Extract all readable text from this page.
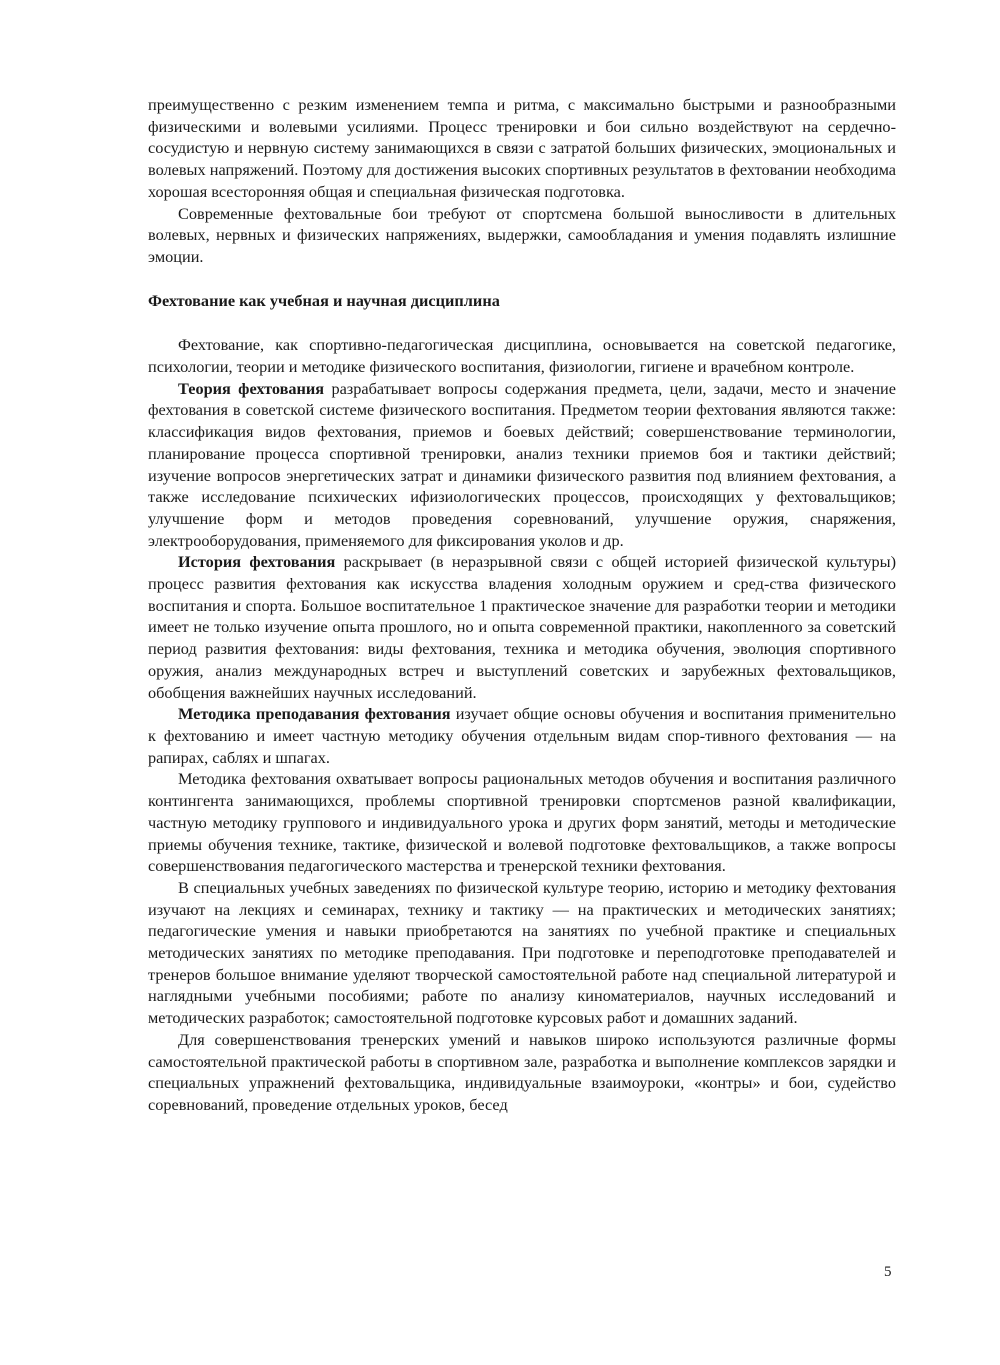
преимущественно с резким изменением темпа и ритма, с максимально быстрыми и разнообразными физическими и волевыми усилиями. Процесс тренировки и бои сильно воздействуют на сердечно-сосудистую и нервную систему занимающихся в связи с затратой больших физических, эмоциональных и волевых напряжений. Поэтому для достижения высоких спортивных результатов в фехтовании необходима хорошая всесторонняя общая и специальная физическая подготовка.

Современные фехтовальные бои требуют от спортсмена большой выносливости в длительных волевых, нервных и физических напряжениях, выдержки, самообладания и умения подавлять излишние эмоции.

Фехтование как учебная и научная дисциплина

Фехтование, как спортивно-педагогическая дисциплина, основывается на советской педагогике, психологии, теории и методике физического воспитания, физиологии, гигиене и врачебном контроле.

Теория фехтования разрабатывает вопросы содержания предмета, цели, задачи, место и значение фехтования в советской системе физического воспитания. Предметом теории фехтования являются также: классификация видов фехтования, приемов и боевых действий; совершенствование терминологии, планирование процесса спортивной тренировки, анализ техники приемов боя и тактики действий; изучение вопросов энергетических затрат и динамики физического развития под влиянием фехтования, а также исследование психических ифизиологических процессов, происходящих у фехтовальщиков; улучшение форм и методов проведения соревнований, улучшение оружия, снаряжения, электрооборудования, применяемого для фиксирования уколов и др.

История фехтования раскрывает (в неразрывной связи с общей историей физической культуры) процесс развития фехтования как искусства владения холодным оружием и сред-ства физического воспитания и спорта. Большое воспитательное 1 практическое значение для разработки теории и методики имеет не только изучение опыта прошлого, но и опыта современной практики, накопленного за советский период развития фехтования: виды фехтования, техника и методика обучения, эволюция спортивного оружия, анализ международных встреч и выступлений советских и зарубежных фехтовальщиков, обобщения важнейших научных исследований.

Методика преподавания фехтования изучает общие основы обучения и воспитания применительно к фехтованию и имеет частную методику обучения отдельным видам спор-тивного фехтования — на рапирах, саблях и шпагах.

Методика фехтования охватывает вопросы рациональных методов обучения и воспитания различного контингента занимающихся, проблемы спортивной тренировки спортсменов разной квалификации, частную методику группового и индивидуального урока и других форм занятий, методы и методические приемы обучения технике, тактике, физической и волевой подготовке фехтовальщиков, а также вопросы совершенствования педагогического мастерства и тренерской техники фехтования.

В специальных учебных заведениях по физической культуре теорию, историю и методику фехтования изучают на лекциях и семинарах, технику и тактику — на практических и методических занятиях; педагогические умения и навыки приобретаются на занятиях по учебной практике и специальных методических занятиях по методике преподавания. При подготовке и переподготовке преподавателей и тренеров большое внимание уделяют творческой самостоятельной работе над специальной литературой и наглядными учебными пособиями; работе по анализу киноматериалов, научных исследований и методических разработок; самостоятельной подготовке курсовых работ и домашних заданий.

Для совершенствования тренерских умений и навыков широко используются различные формы самостоятельной практической работы в спортивном зале, разработка и выполнение комплексов зарядки и специальных упражнений фехтовальщика, индивидуальные взаимоуроки, «контры» и бои, судейство соревнований, проведение отдельных уроков, бесед

5
